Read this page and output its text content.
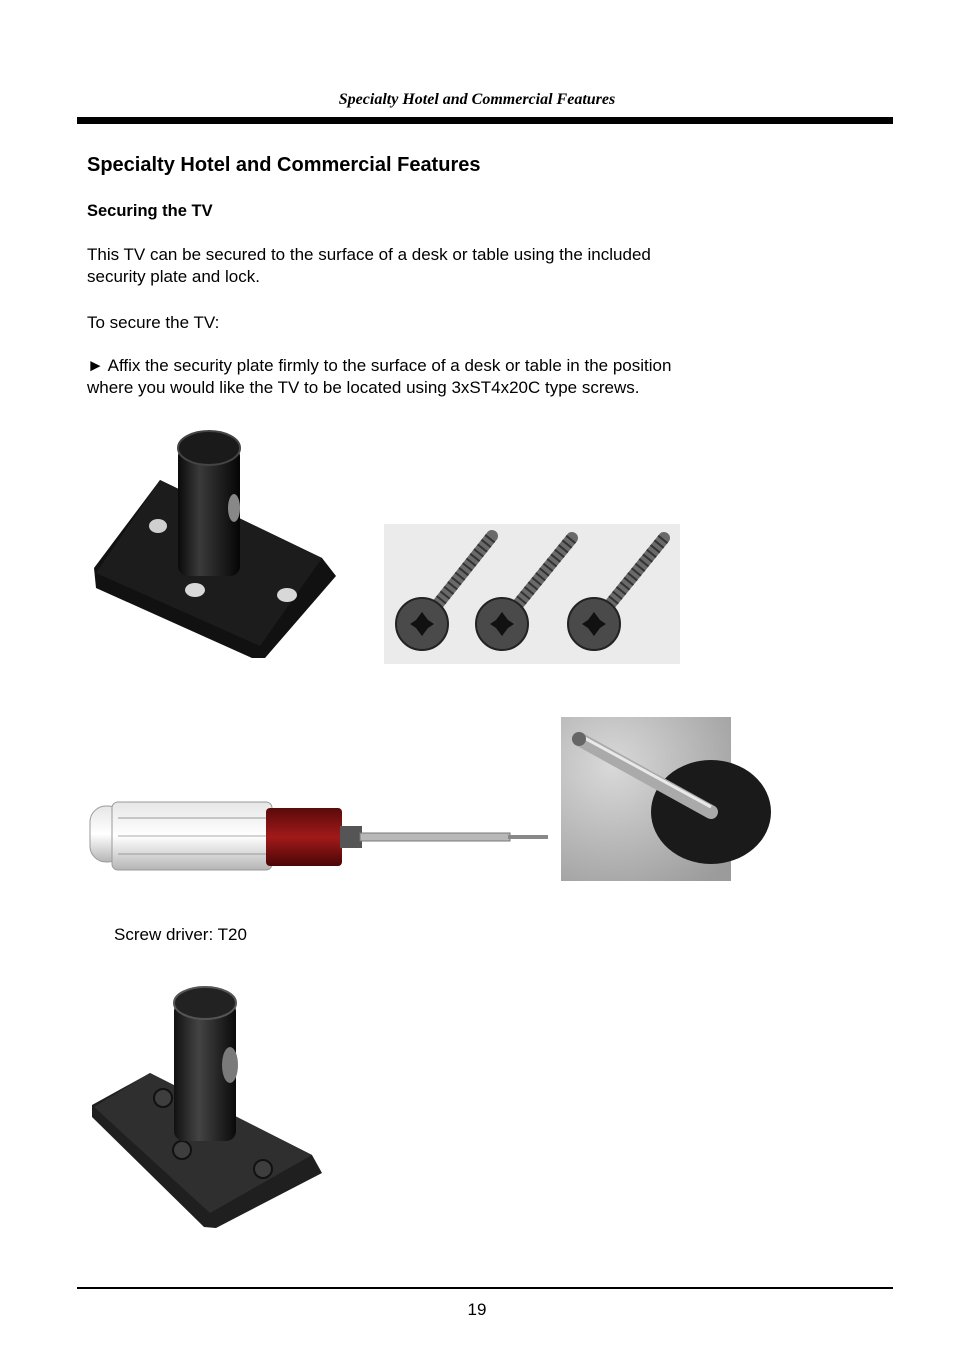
Specialty Hotel and Commercial Features
Specialty Hotel and Commercial Features
Securing the TV
This TV can be secured to the surface of a desk or table using the included
security plate and lock.
To secure the TV:
► Affix the security plate firmly to the surface of a desk or table in the position
where you would like the TV to be located using 3xST4x20C type screws.
Screw driver: T20
19
